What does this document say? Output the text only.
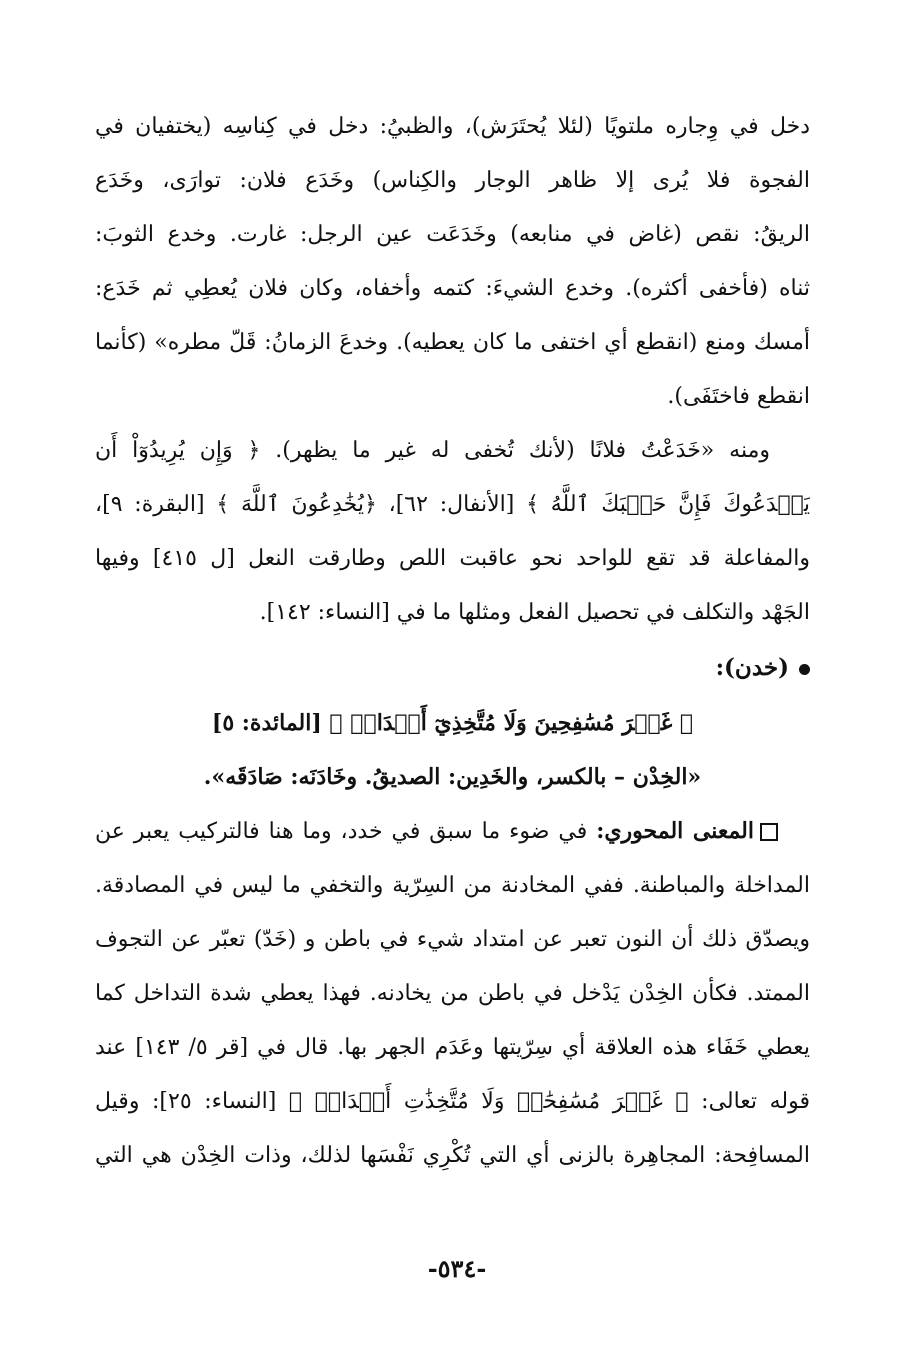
دخل في وِجاره ملتويًا (لئلا يُحتَرَش)، والظبيُ: دخل في كِناسِه (يختفيان في
الفجوة فلا يُرى إلا ظاهر الوجار والكِناس) وخَدَع فلان: توارَى، وخَدَع
الريقُ: نقص (غاض في منابعه) وخَدَعَت عين الرجل: غارت. وخدع الثوبَ:
ثناه (فأخفى أكثره). وخدع الشيءَ: كتمه وأخفاه، وكان فلان يُعطِي ثم خَدَع:
أمسك ومنع (انقطع أي اختفى ما كان يعطيه). وخدعَ الزمانُ: قَلّ مطره» (كأنما
انقطع فاختَفَى).
ومنه «خَدَعْتُ فلانًا (لأنك تُخفى له غير ما يظهر). ﴿ وَإِن يُرِيدُوٓاْ أَن
يَخۡدَعُوكَ فَإِنَّ حَسۡبَكَ ٱللَّهُ ﴾ [الأنفال: ٦٢]، ﴿يُخَٰدِعُونَ ٱللَّهَ ﴾ [البقرة: ٩]،
والمفاعلة قد تقع للواحد نحو عاقبت اللص وطارقت النعل [ل ٤١٥] وفيها
الجَهْد والتكلف في تحصيل الفعل ومثلها ما في [النساء: ١٤٢].
(خدن):
﴿ غَيۡرَ مُسَٰفِحِينَ وَلَا مُتَّخِذِيٓ أَخۡدَانٖ ﴾ [المائدة: ٥]
«الخِدْن – بالكسر، والخَدِين: الصديقُ. وخَادَنَه: صَادَقَه».
المعنى المحوري: في ضوء ما سبق في خدد، وما هنا فالتركيب يعبر عن
المداخلة والمباطنة. ففي المخادنة من السِرّية والتخفي ما ليس في المصادقة.
ويصدّق ذلك أن النون تعبر عن امتداد شيء في باطن و (خَدّ) تعبّر عن التجوف
الممتد. فكأن الخِدْن يَدْخل في باطن من يخادنه. فهذا يعطي شدة التداخل كما
يعطي خَفَاء هذه العلاقة أي سِرّيتها وعَدَم الجهر بها. قال في [قر ٥/ ١٤٣] عند
قوله تعالى: ﴿ غَيۡرَ مُسَٰفِحَٰتٖ وَلَا مُتَّخِذَٰتِ أَخۡدَانٖ ﴾ [النساء: ٢٥]: وقيل
المسافِحة: المجاهِرة بالزنى أي التي تُكْرِي نَفْسَها لذلك، وذات الخِدْن هي التي
-٥٣٤-
